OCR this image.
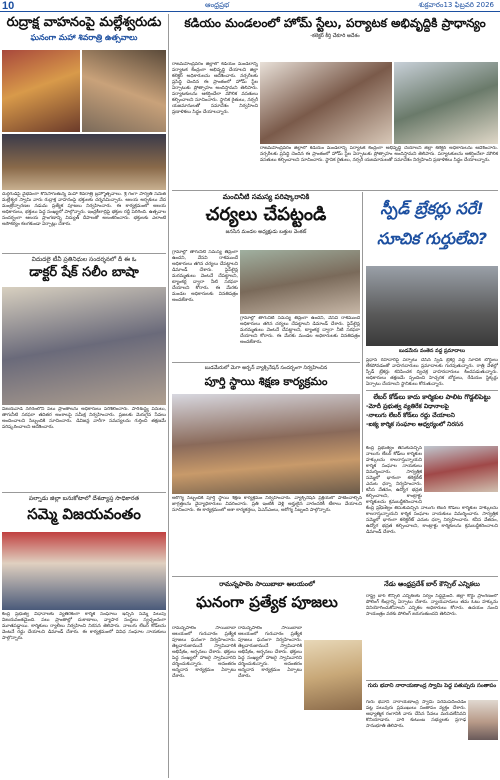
10	ఆంధ్రప్రభ	శుక్రవారం13 ఫిబ్రవరి 2026
రుద్రాక్ష వాహనంపై మల్లేశ్వరుడు
ఘనంగా మహా శివరాత్రి ఉత్సవాలు
దుర్గగుడిపై వైభవంగా కొనసాగుతున్న మహా శివరాత్రి బ్రహ్మోత్సవాలు. శ్రీ గంగా పార్వతీ సమేత మల్లేశ్వర స్వామి వారు రుద్రాక్ష వాహనంపై భక్తులకు దర్శనమిచ్చారు. ఆలయ అర్చకులు వేద మంత్రోచ్ఛారణల నడుమ ప్రత్యేక పూజలు నిర్వహించారు. ఈ కార్యక్రమంలో ఆలయ అధికారులు, భక్తులు పెద్ద సంఖ్యలో పాల్గొన్నారు. ఇంద్రకీలాద్రిపై భక్తుల రద్దీ పెరిగింది. ఉత్సవాల సందర్భంగా ఆలయ ప్రాంగణాన్ని విద్యుత్ దీపాలతో అలంకరించారు. భక్తులకు ఎలాంటి అసౌకర్యం కలగకుండా ఏర్పాట్లు చేశారు.
విదుదలై టీవీ ప్రతినిధుల సందర్శనలో దీ ఈ ఓ
డాక్టర్ షేక్ సలీం బాషా
విజయవాడ నగరంలోని పలు ప్రాంతాలను అధికారులు పరిశీలించారు. పారిశుద్ధ్య పనులు, తాగునీటి సరఫరా తదితర అంశాలపై సమీక్ష నిర్వహించారు. ప్రజలకు మెరుగైన సేవలు అందించాలని సిబ్బందికి సూచించారు. డివిజన్ల వారీగా సమస్యలను గుర్తించి తక్షణమే పరిష్కరించాలని ఆదేశించారు.
పల్నాడు జిల్లా బనుకోటాలో దేశవ్యాప్త సాధికారత
సమ్మె విజయవంతం
కేంద్ర ప్రభుత్వ విధానాలకు వ్యతిరేకంగా కార్మిక సంఘాలు ఇచ్చిన సమ్మె పిలుపు విజయవంతమైంది. పలు ప్రాంతాల్లో దుకాణాలు, వ్యాపార సంస్థలు స్వచ్ఛందంగా మూతపడ్డాయి. కార్మికులు ర్యాలీలు నిర్వహించి నిరసన తెలిపారు. నాలుగు లేబర్ కోడ్‌లను వెంటనే రద్దు చేయాలని డిమాండ్ చేశారు. ఈ కార్యక్రమంలో వివిధ సంఘాల నాయకులు పాల్గొన్నారు.
కడియం మండలంలో హోమ్ స్టేలు, పర్యాటక అభివృద్ధికి ప్రాధాన్యం
-కలెక్టర్ కీర్తి చేకూరి ఆదేశం
రాజమహేంద్రవరం జిల్లాలో కడియం మండలాన్ని పర్యాటక కేంద్రంగా అభివృద్ధి చేయాలని జిల్లా కలెక్టర్ అధికారులను ఆదేశించారు. నర్సరీలకు ప్రసిద్ధి చెందిన ఈ ప్రాంతంలో హోమ్ స్టేల ఏర్పాటుకు ప్రోత్సాహం అందిస్తామని తెలిపారు. పర్యాటకులను ఆకర్షించేలా మౌలిక వసతులు కల్పించాలని సూచించారు. స్థానిక రైతులు, నర్సరీ యజమానులతో సమావేశం నిర్వహించి ప్రణాళికలు సిద్ధం చేయాలన్నారు.
రాజమహేంద్రవరం జిల్లాలో కడియం మండలాన్ని పర్యాటక కేంద్రంగా అభివృద్ధి చేయాలని జిల్లా కలెక్టర్ అధికారులను ఆదేశించారు. నర్సరీలకు ప్రసిద్ధి చెందిన ఈ ప్రాంతంలో హోమ్ స్టేల ఏర్పాటుకు ప్రోత్సాహం అందిస్తామని తెలిపారు. పర్యాటకులను ఆకర్షించేలా మౌలిక వసతులు కల్పించాలని సూచించారు. స్థానిక రైతులు, నర్సరీ యజమానులతో సమావేశం నిర్వహించి ప్రణాళికలు సిద్ధం చేయాలన్నారు.
మంచినీటి సమస్య పరిష్కారానికి
చర్యలు చేపట్టండి
జనసేన మండల అధ్యక్షుడు బత్తుల వెంకట్
గ్రామాల్లో తాగునీటి సమస్య తీవ్రంగా ఉందని, వేసవి రాకముందే అధికారులు తగిన చర్యలు చేపట్టాలని డిమాండ్ చేశారు. పైప్‌లైన్ల మరమ్మతులు వెంటనే చేపట్టాలని, ట్యాంకర్ల ద్వారా నీటి సరఫరా చేయాలని కోరారు. ఈ మేరకు మండల అధికారులకు వినతిపత్రం అందజేశారు.
గ్రామాల్లో తాగునీటి సమస్య తీవ్రంగా ఉందని, వేసవి రాకముందే అధికారులు తగిన చర్యలు చేపట్టాలని డిమాండ్ చేశారు. పైప్‌లైన్ల మరమ్మతులు వెంటనే చేపట్టాలని, ట్యాంకర్ల ద్వారా నీటి సరఫరా చేయాలని కోరారు. ఈ మేరకు మండల అధికారులకు వినతిపత్రం అందజేశారు.
స్పీడ్ బ్రేకర్లు సరే! సూచిక గుర్తులేవి?
బుడమేరు వంతెన వద్ద ప్రమాదాలు
ప్రధాన రహదారిపై ఏర్పాటు చేసిన స్పీడ్ బ్రేకర్ల వద్ద సూచిక బోర్డులు లేకపోవడంతో వాహనదారులు ప్రమాదాలకు గురవుతున్నారు. రాత్రి వేళల్లో స్పీడ్ బ్రేకర్లు కనిపించక ద్విచక్ర వాహనదారులు కిందపడుతున్నారు. అధికారులు తక్షణమే స్పందించి హెచ్చరిక బోర్డులు, రేడియం స్టిక్కర్లు ఏర్పాటు చేయాలని స్థానికులు కోరుతున్నారు.
లేబర్ కోడ్‌లు కాదు కార్మికుల పాలిట గొడ్డలిపెట్టు
-మోదీ ప్రభుత్వ వ్యతిరేక విధానాలపై
-నాలుగు లేబర్ కోడ్‌లు రద్దు చేయాలని
-ఐక్య కార్మిక సంఘాల ఆధ్వర్యంలో నిరసన
కేంద్ర ప్రభుత్వం తీసుకువచ్చిన నాలుగు లేబర్ కోడ్‌లు కార్మికుల హక్కులను కాలరాస్తున్నాయని కార్మిక సంఘాల నాయకులు విమర్శించారు. సార్వత్రిక సమ్మెలో భాగంగా కలెక్టరేట్ ఎదుట ధర్నా నిర్వహించారు. కనీస వేతనం, ఉద్యోగ భద్రత కల్పించాలని, కాంట్రాక్టు కార్మికులను క్రమబద్ధీకరించాలని
కేంద్ర ప్రభుత్వం తీసుకువచ్చిన నాలుగు లేబర్ కోడ్‌లు కార్మికుల హక్కులను కాలరాస్తున్నాయని కార్మిక సంఘాల నాయకులు విమర్శించారు. సార్వత్రిక సమ్మెలో భాగంగా కలెక్టరేట్ ఎదుట ధర్నా నిర్వహించారు. కనీస వేతనం, ఉద్యోగ భద్రత కల్పించాలని, కాంట్రాక్టు కార్మికులను క్రమబద్ధీకరించాలని డిమాండ్ చేశారు.
బుడమేరులో మెగా అర్బన్ వ్యాక్సినేషన్ సందర్భంగా నిర్వహించిన
పూర్తి స్థాయి శిక్షణ కార్యక్రమం
ఆరోగ్య సిబ్బందికి పూర్తి స్థాయి శిక్షణ కార్యక్రమం నిర్వహించారు. వ్యాక్సినేషన్ ప్రక్రియలో పాటించాల్సిన జాగ్రత్తలను వైద్యాధికారులు వివరించారు. ప్రతి ఇంటికి వెళ్లి అర్హులైన వారందరికీ టీకాలు వేయాలని సూచించారు. ఈ కార్యక్రమంలో ఆశా కార్యకర్తలు, ఏఎన్ఎంలు, ఆరోగ్య సిబ్బంది పాల్గొన్నారు.
నేడు ఆంధ్రప్రదేశ్ బార్ కౌన్సిల్ ఎన్నికలు
రాష్ట్ర బార్ కౌన్సిల్ ఎన్నికలకు సర్వం సిద్ధమైంది. జిల్లా కోర్టు ప్రాంగణంలో పోలింగ్ కేంద్రాన్ని ఏర్పాటు చేశారు. న్యాయవాదులు తమ ఓటు హక్కును వినియోగించుకోవాలని ఎన్నికల అధికారులు కోరారు. ఉదయం నుంచి సాయంత్రం వరకు పోలింగ్ జరుగుతుందని తెలిపారు.
రామన్నపాలెం సాయిబాబా ఆలయంలో
ఘనంగా ప్రత్యేక పూజలు
రామన్నపాలెం సాయిబాబా ఆలయంలో గురువారం ప్రత్యేక పూజలు ఘనంగా నిర్వహించారు. తెల్లవారుజామునే స్వామివారికి అభిషేకం, అర్చనలు చేశారు. భక్తులు పెద్ద సంఖ్యలో హాజరై స్వామివారిని దర్శించుకున్నారు. అనంతరం అన్నదాన కార్యక్రమం ఏర్పాటు చేశారు.
రామన్నపాలెం సాయిబాబా ఆలయంలో గురువారం ప్రత్యేక పూజలు ఘనంగా నిర్వహించారు. తెల్లవారుజామునే స్వామివారికి అభిషేకం, అర్చనలు చేశారు. భక్తులు పెద్ద సంఖ్యలో హాజరై స్వామివారిని దర్శించుకున్నారు. అనంతరం అన్నదాన కార్యక్రమం ఏర్పాటు చేశారు.
గురు భవాని నారాయణాంద్ర స్వామి పెద్ద పతుప్పరు సంతాపం
గురు భవాని నారాయణాంద్ర స్వామి పరమపదించడం పట్ల పలువురు ప్రముఖులు సంతాపం వ్యక్తం చేశారు. ఆధ్యాత్మిక రంగానికి వారు చేసిన సేవలు మరువలేనివని కొనియాడారు. వారి కుటుంబ సభ్యులకు ప్రగాఢ సానుభూతి తెలిపారు.
